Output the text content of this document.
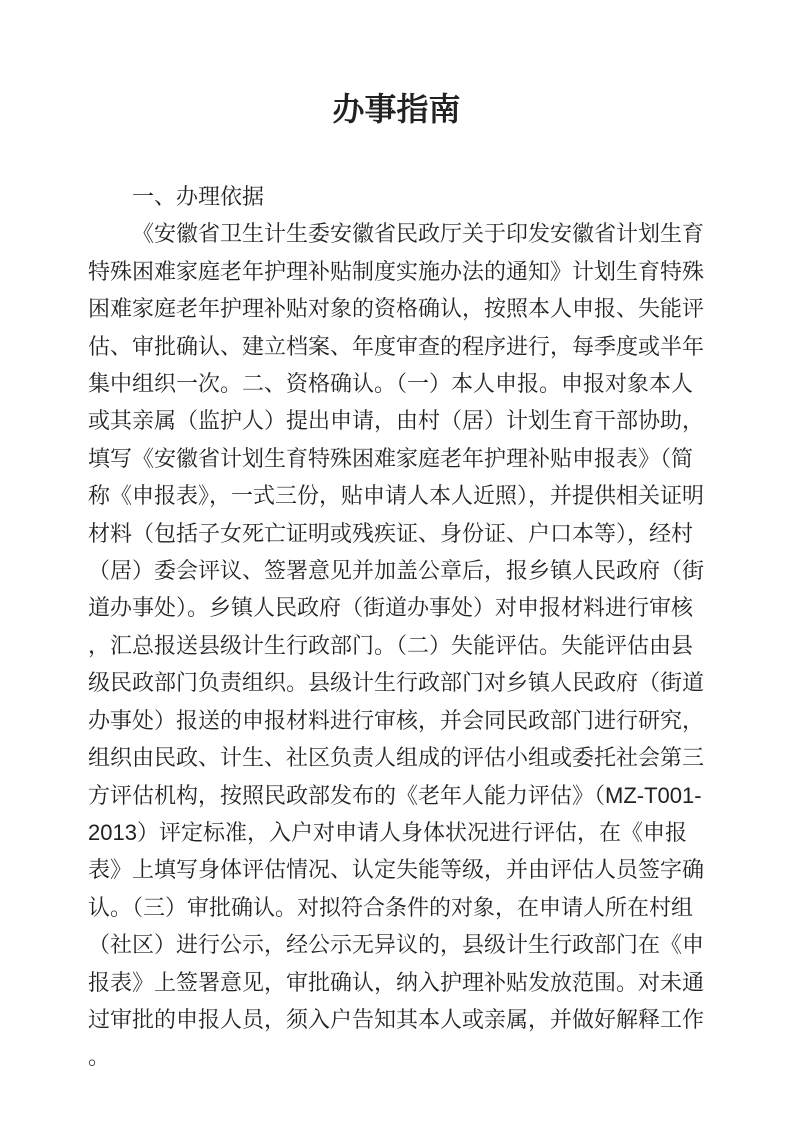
办事指南

一、办理依据

《安徽省卫生计生委安徽省民政厅关于印发安徽省计划生育特殊困难家庭老年护理补贴制度实施办法的通知》计划生育特殊困难家庭老年护理补贴对象的资格确认，按照本人申报、失能评估、审批确认、建立档案、年度审查的程序进行，每季度或半年集中组织一次。二、资格确认。（一）本人申报。申报对象本人或其亲属（监护人）提出申请，由村（居）计划生育干部协助，填写《安徽省计划生育特殊困难家庭老年护理补贴申报表》（简称《申报表》，一式三份，贴申请人本人近照），并提供相关证明材料（包括子女死亡证明或残疾证、身份证、户口本等），经村（居）委会评议、签署意见并加盖公章后，报乡镇人民政府（街道办事处）。乡镇人民政府（街道办事处）对申报材料进行审核，汇总报送县级计生行政部门。（二）失能评估。失能评估由县级民政部门负责组织。县级计生行政部门对乡镇人民政府（街道办事处）报送的申报材料进行审核，并会同民政部门进行研究，组织由民政、计生、社区负责人组成的评估小组或委托社会第三方评估机构，按照民政部发布的《老年人能力评估》（MZ-T001-2013）评定标准，入户对申请人身体状况进行评估，在《申报表》上填写身体评估情况、认定失能等级，并由评估人员签字确认。（三）审批确认。对拟符合条件的对象，在申请人所在村组（社区）进行公示，经公示无异议的，县级计生行政部门在《申报表》上签署意见，审批确认，纳入护理补贴发放范围。对未通过审批的申报人员，须入户告知其本人或亲属，并做好解释工作。
